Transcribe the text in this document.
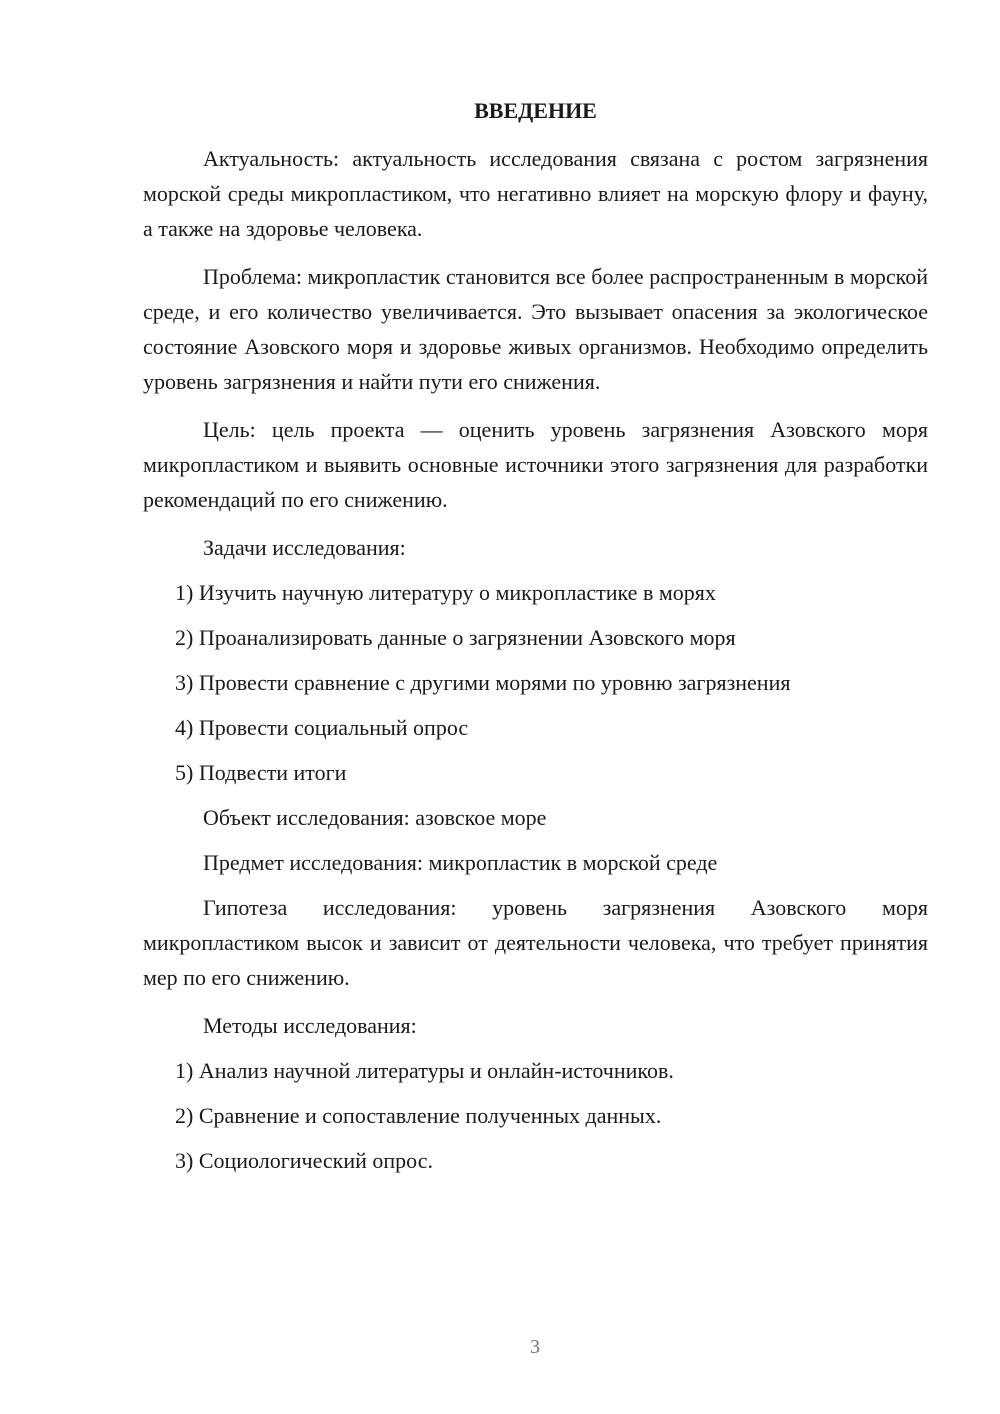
ВВЕДЕНИЕ

Актуальность: актуальность исследования связана с ростом загрязнения морской среды микропластиком, что негативно влияет на морскую флору и фауну, а также на здоровье человека.

Проблема: микропластик становится все более распространенным в морской среде, и его количество увеличивается. Это вызывает опасения за экологическое состояние Азовского моря и здоровье живых организмов. Необходимо определить уровень загрязнения и найти пути его снижения.

Цель: цель проекта — оценить уровень загрязнения Азовского моря микропластиком и выявить основные источники этого загрязнения для разработки рекомендаций по его снижению.

Задачи исследования:
1) Изучить научную литературу о микропластике в морях
2) Проанализировать данные о загрязнении Азовского моря
3) Провести сравнение с другими морями по уровню загрязнения
4) Провести социальный опрос
5) Подвести итоги
Объект исследования: азовское море
Предмет исследования: микропластик в морской среде

Гипотеза исследования: уровень загрязнения Азовского моря микропластиком высок и зависит от деятельности человека, что требует принятия мер по его снижению.

Методы исследования:
1) Анализ научной литературы и онлайн-источников.
2) Сравнение и сопоставление полученных данных.
3) Социологический опрос.
3
